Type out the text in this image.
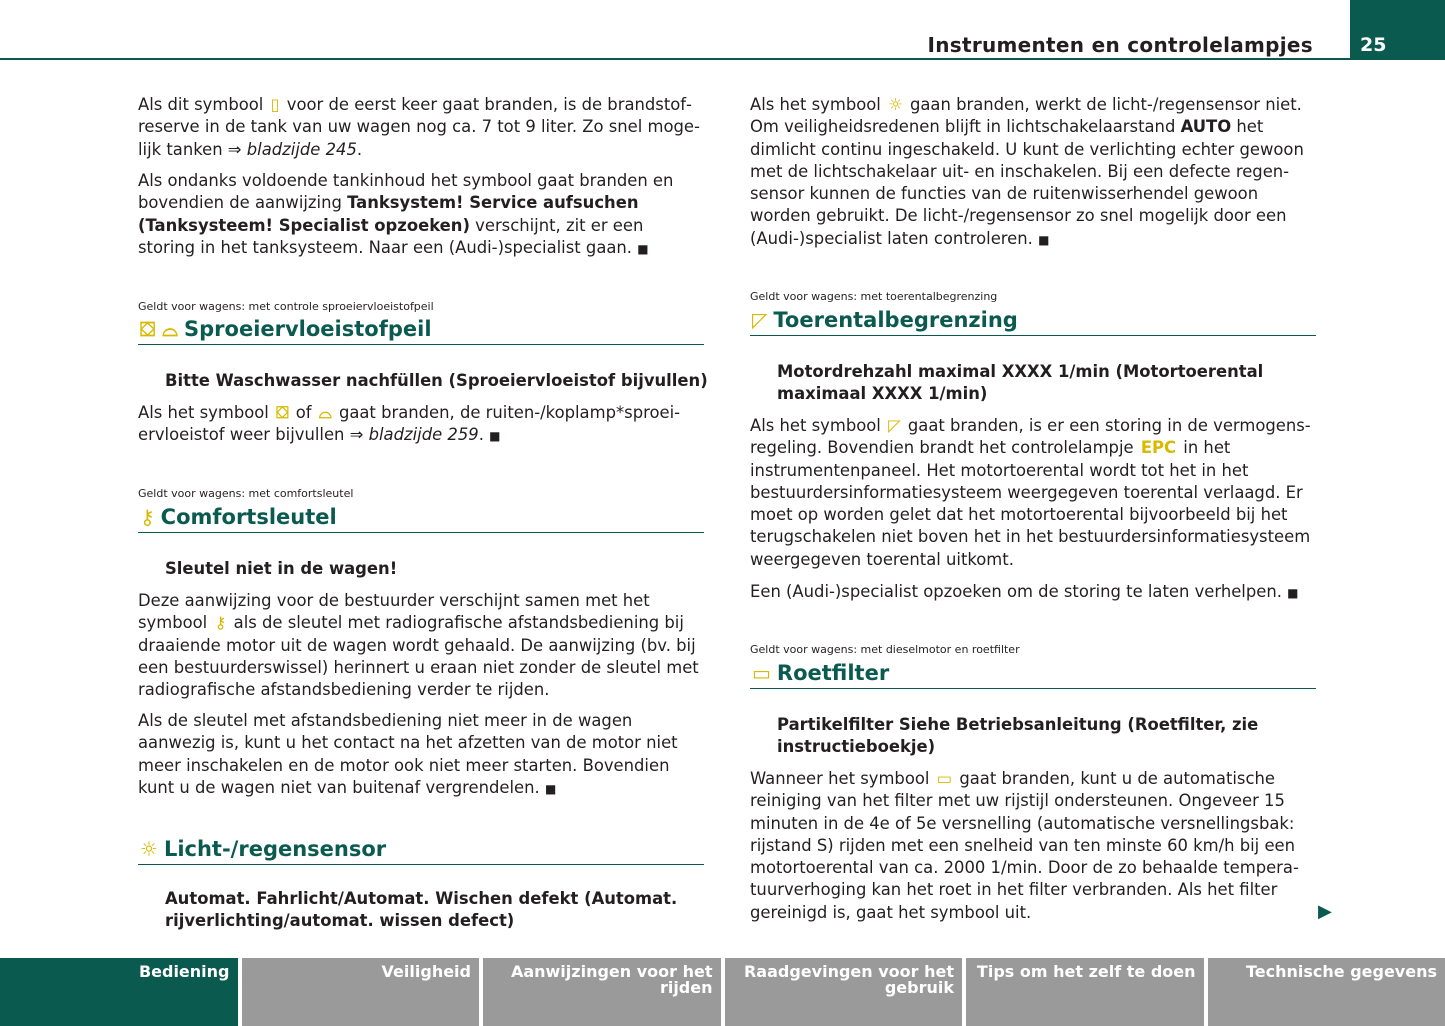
Instrumenten en controlelampjes 25
Als dit symbool ▯ voor de eerst keer gaat branden, is de brandstofreserve in de tank van uw wagen nog ca. 7 tot 9 liter. Zo snel mogelijk tanken ⇒ bladzijde 245.
Als ondanks voldoende tankinhoud het symbool gaat branden en bovendien de aanwijzing Tanksystem! Service aufsuchen (Tanksysteem! Specialist opzoeken) verschijnt, zit er een storing in het tanksysteem. Naar een (Audi-)specialist gaan. ■
Geldt voor wagens: met controle sproeiervloeistofpeil
⛋ ⌓ Sproeiervloeistofpeil
Bitte Waschwasser nachfüllen (Sproeiervloeistof bijvullen)
Als het symbool ⛋ of ⌓ gaat branden, de ruiten-/koplamp*sproeiervloeistof weer bijvullen ⇒ bladzijde 259. ■
Geldt voor wagens: met comfortsleutel
⚷ Comfortsleutel
Sleutel niet in de wagen!
Deze aanwijzing voor de bestuurder verschijnt samen met het symbool ⚷ als de sleutel met radiografische afstandsbediening bij draaiende motor uit de wagen wordt gehaald. De aanwijzing (bv. bij een bestuurderswissel) herinnert u eraan niet zonder de sleutel met radiografische afstandsbediening verder te rijden.
Als de sleutel met afstandsbediening niet meer in de wagen aanwezig is, kunt u het contact na het afzetten van de motor niet meer inschakelen en de motor ook niet meer starten. Bovendien kunt u de wagen niet van buitenaf vergrendelen. ■
☼ Licht-/regensensor
Automat. Fahrlicht/Automat. Wischen defekt (Automat. rijverlichting/automat. wissen defect)
Als het symbool ☼ gaan branden, werkt de licht-/regensensor niet. Om veiligheidsredenen blijft in lichtschakelaarstand AUTO het dimlicht continu ingeschakeld. U kunt de verlichting echter gewoon met de lichtschakelaar uit- en inschakelen. Bij een defecte regensensor kunnen de functies van de ruitenwisserhendel gewoon worden gebruikt. De licht-/regensensor zo snel mogelijk door een (Audi-)specialist laten controleren. ■
Geldt voor wagens: met toerentalbegrenzing
◸ Toerentalbegrenzing
Motordrehzahl maximal XXXX 1/min (Motortoerental maximaal XXXX 1/min)
Als het symbool ◸ gaat branden, is er een storing in de vermogensregeling. Bovendien brandt het controlelampje EPC in het instrumentenpaneel. Het motortoerental wordt tot het in het bestuurdersinformatiesysteem weergegeven toerental verlaagd. Er moet op worden gelet dat het motortoerental bijvoorbeeld bij het terugschakelen niet boven het in het bestuurdersinformatiesysteem weergegeven toerental uitkomt.
Een (Audi-)specialist opzoeken om de storing te laten verhelpen. ■
Geldt voor wagens: met dieselmotor en roetfilter
▭ Roetfilter
Partikelfilter Siehe Betriebsanleitung (Roetfilter, zie instructieboekje)
Wanneer het symbool ▭ gaat branden, kunt u de automatische reiniging van het filter met uw rijstijl ondersteunen. Ongeveer 15 minuten in de 4e of 5e versnelling (automatische versnellingsbak: rijstand S) rijden met een snelheid van ten minste 60 km/h bij een motortoerental van ca. 2000 1/min. Door de zo behaalde temperatuurverhoging kan het roet in het filter verbranden. Als het filter gereinigd is, gaat het symbool uit.	▶
Bediening	Veiligheid	Aanwijzingen voor het rijden
Raadgevingen voor het gebruik
Tips om het zelf te doen	Technische gegevens
